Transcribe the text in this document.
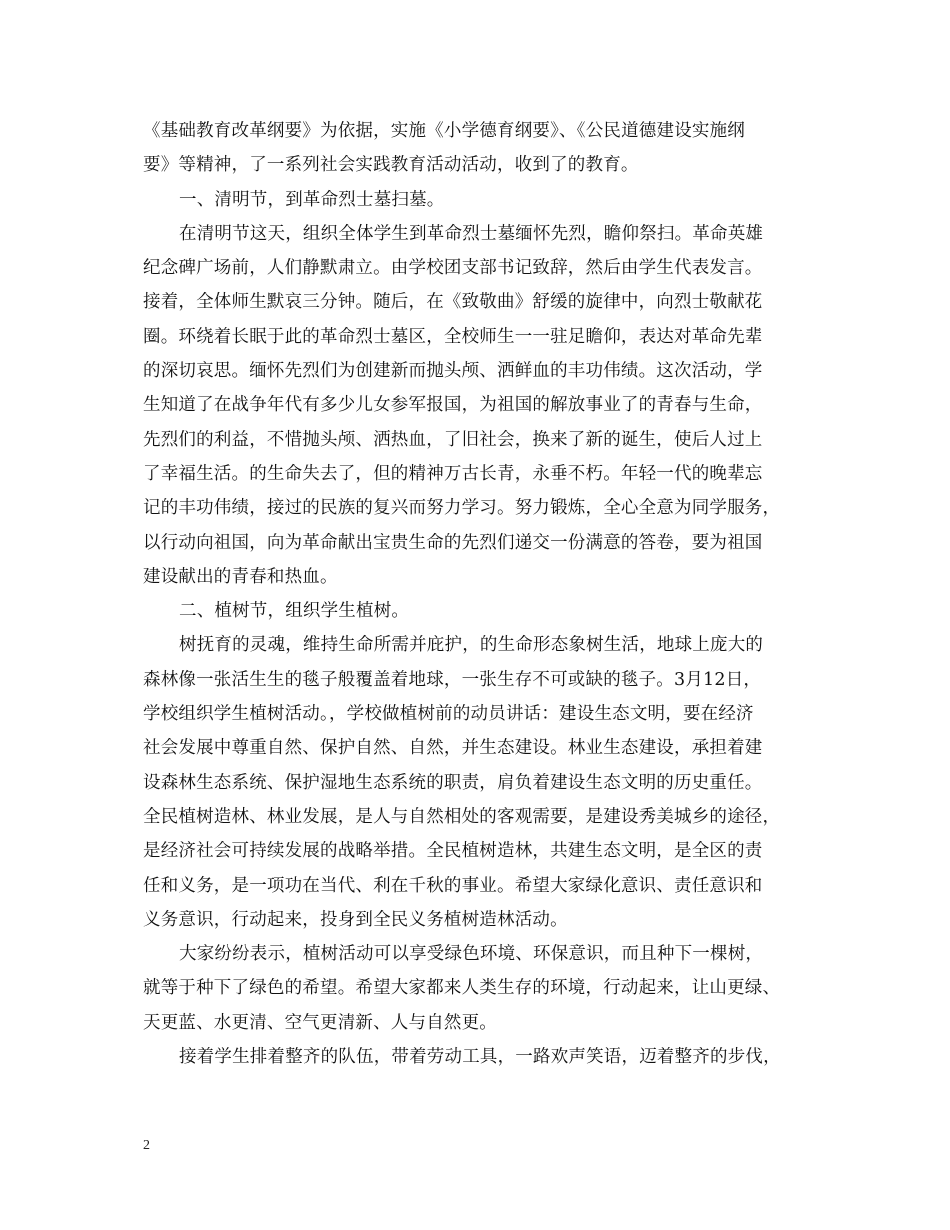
《基础教育改革纲要》为依据，实施《小学德育纲要》、《公民道德建设实施纲
要》等精神，了一系列社会实践教育活动活动，收到了的教育。
一、清明节，到革命烈士墓扫墓。
在清明节这天，组织全体学生到革命烈士墓缅怀先烈，瞻仰祭扫。革命英雄
纪念碑广场前，人们静默肃立。由学校团支部书记致辞，然后由学生代表发言。
接着，全体师生默哀三分钟。随后，在《致敬曲》舒缓的旋律中，向烈士敬献花
圈。环绕着长眠于此的革命烈士墓区，全校师生一一驻足瞻仰，表达对革命先辈
的深切哀思。缅怀先烈们为创建新而抛头颅、洒鲜血的丰功伟绩。这次活动，学
生知道了在战争年代有多少儿女参军报国，为祖国的解放事业了的青春与生命，
先烈们的利益，不惜抛头颅、洒热血，了旧社会，换来了新的诞生，使后人过上
了幸福生活。的生命失去了，但的精神万古长青，永垂不朽。年轻一代的晚辈忘
记的丰功伟绩，接过的民族的复兴而努力学习。努力锻炼，全心全意为同学服务，
以行动向祖国，向为革命献出宝贵生命的先烈们递交一份满意的答卷，要为祖国
建设献出的青春和热血。
二、植树节，组织学生植树。
树抚育的灵魂，维持生命所需并庇护，的生命形态象树生活，地球上庞大的
森林像一张活生生的毯子般覆盖着地球，一张生存不可或缺的毯子。3月12日，
学校组织学生植树活动。，学校做植树前的动员讲话：建设生态文明，要在经济
社会发展中尊重自然、保护自然、自然，并生态建设。林业生态建设，承担着建
设森林生态系统、保护湿地生态系统的职责，肩负着建设生态文明的历史重任。
全民植树造林、林业发展，是人与自然相处的客观需要，是建设秀美城乡的途径，
是经济社会可持续发展的战略举措。全民植树造林，共建生态文明，是全区的责
任和义务，是一项功在当代、利在千秋的事业。希望大家绿化意识、责任意识和
义务意识，行动起来，投身到全民义务植树造林活动。
大家纷纷表示，植树活动可以享受绿色环境、环保意识，而且种下一棵树，
就等于种下了绿色的希望。希望大家都来人类生存的环境，行动起来，让山更绿、
天更蓝、水更清、空气更清新、人与自然更。
接着学生排着整齐的队伍，带着劳动工具，一路欢声笑语，迈着整齐的步伐，
2
